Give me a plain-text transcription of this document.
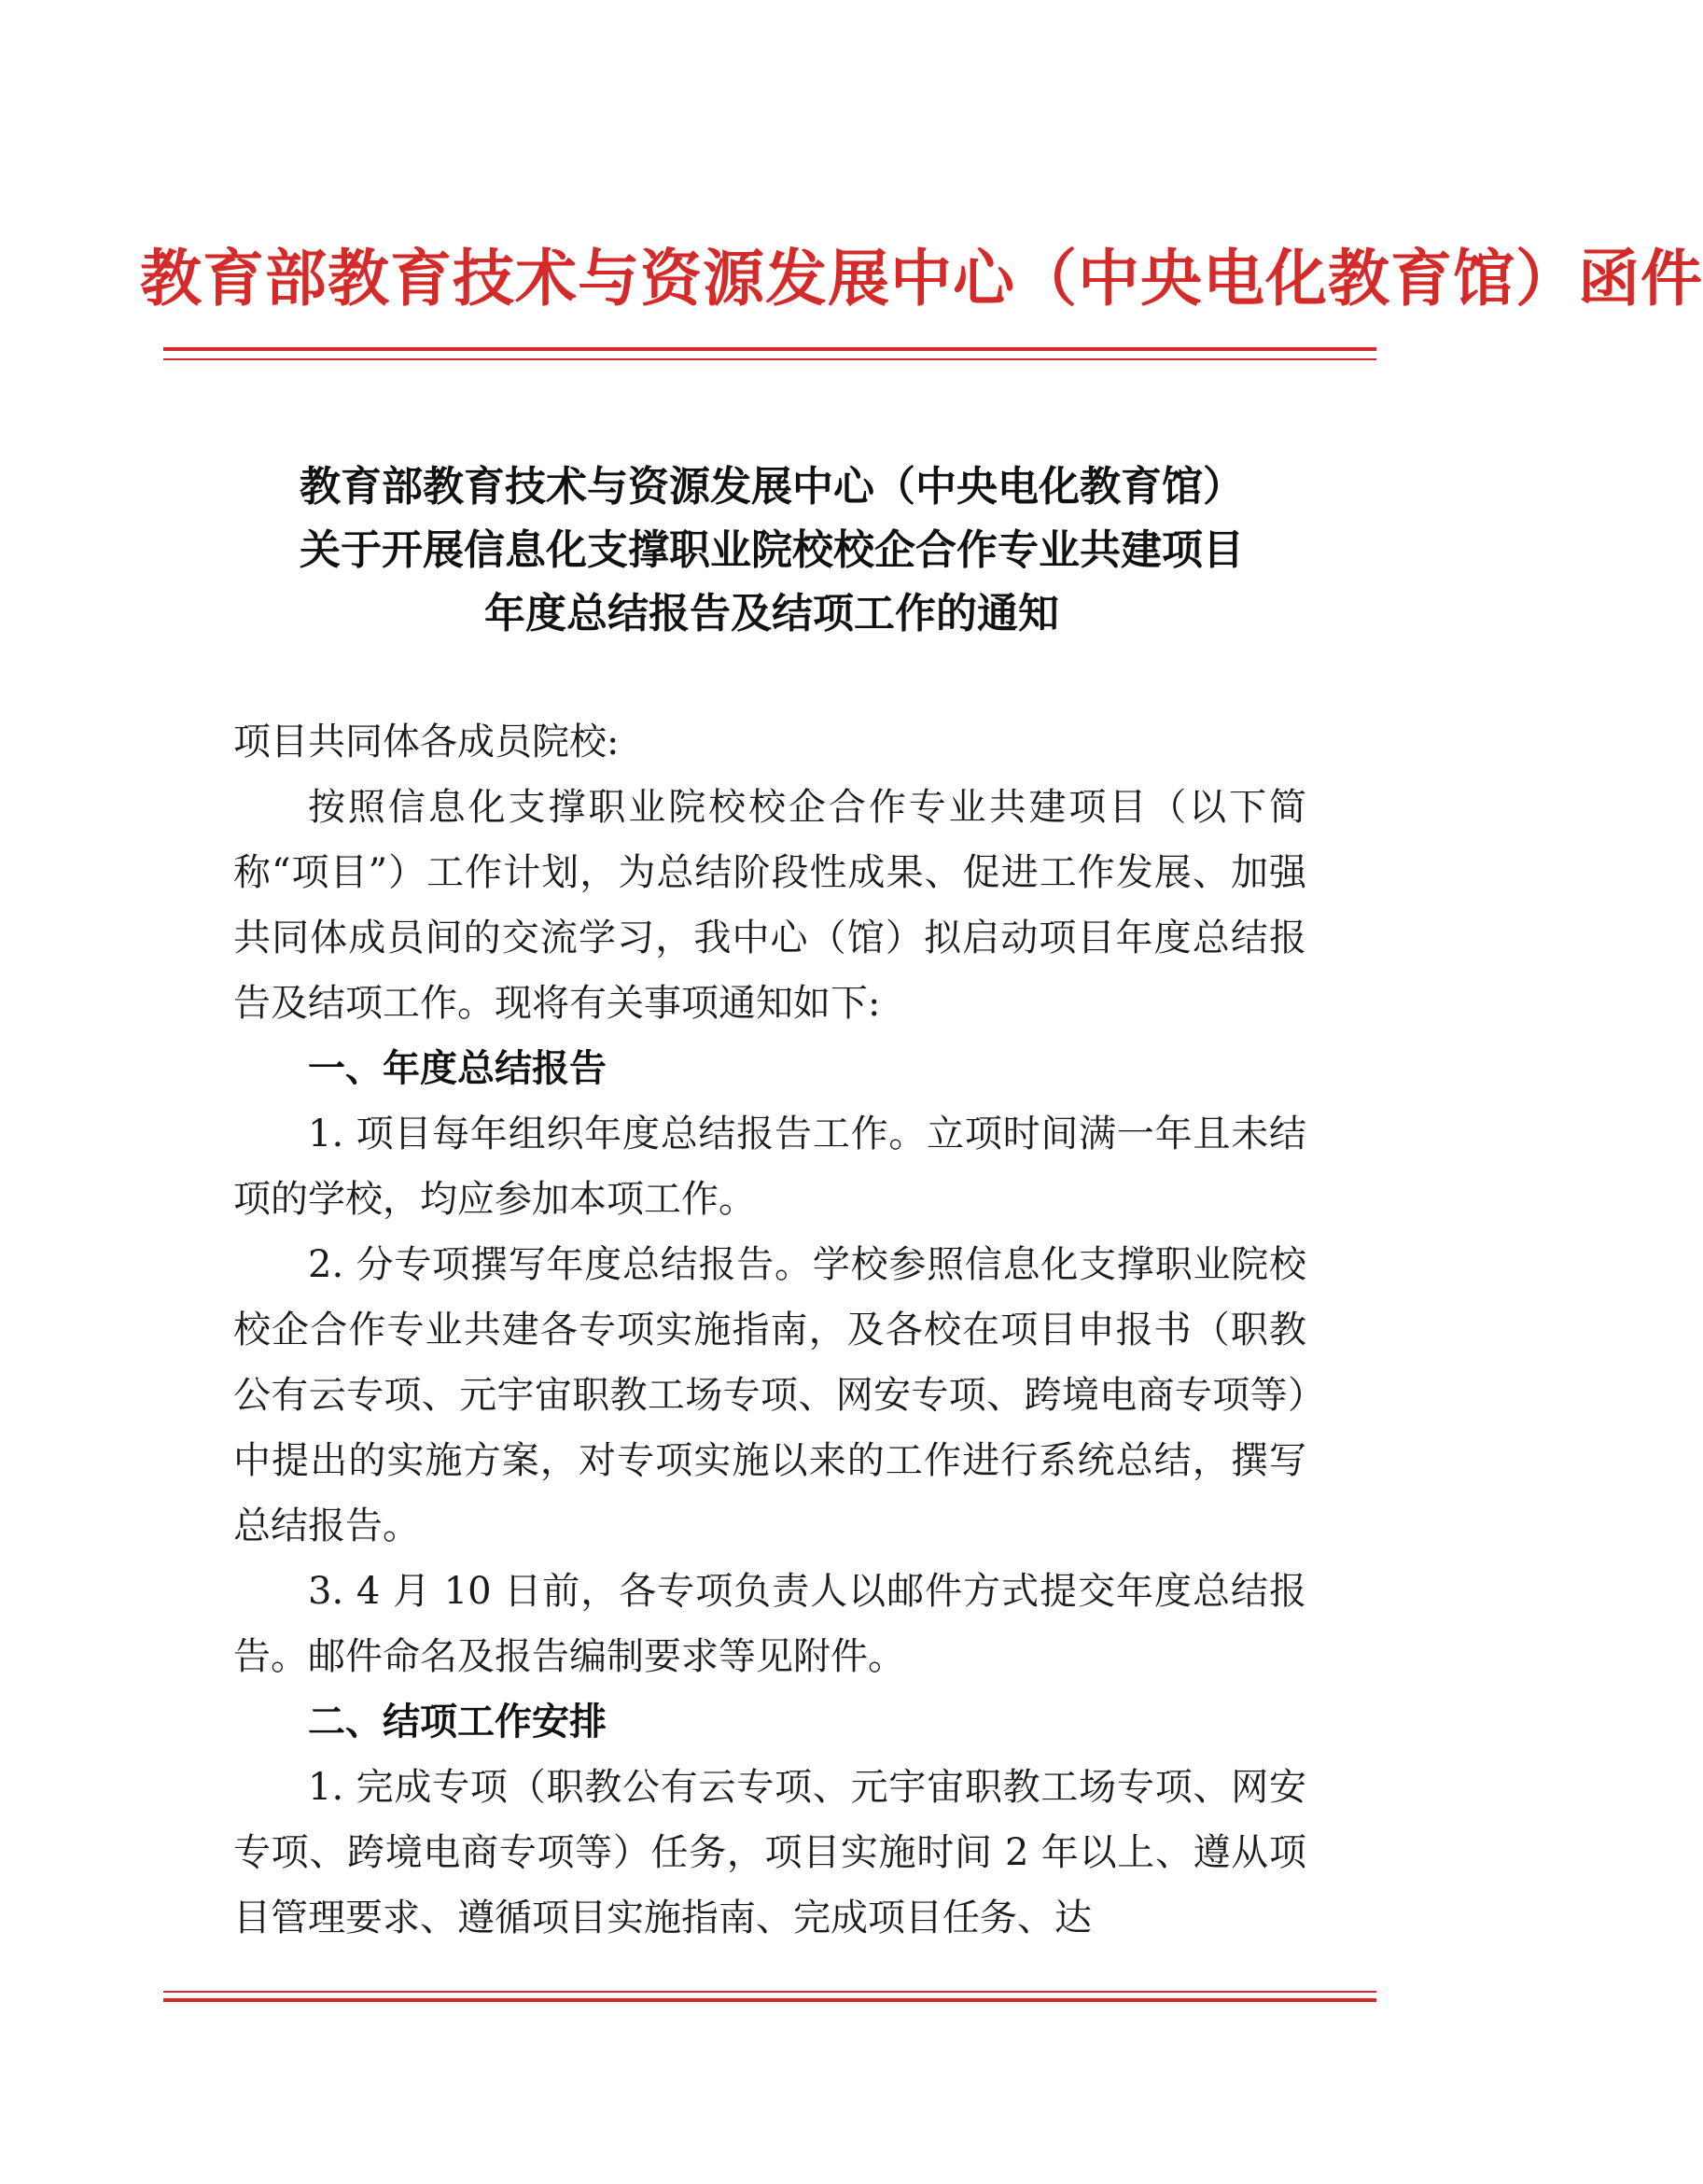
教育部教育技术与资源发展中心（中央电化教育馆）函件
教育部教育技术与资源发展中心（中央电化教育馆）
关于开展信息化支撑职业院校校企合作专业共建项目
年度总结报告及结项工作的通知

项目共同体各成员院校:

按照信息化支撑职业院校校企合作专业共建项目（以下简称“项目”）工作计划，为总结阶段性成果、促进工作发展、加强共同体成员间的交流学习，我中心（馆）拟启动项目年度总结报告及结项工作。现将有关事项通知如下:

一、年度总结报告

1. 项目每年组织年度总结报告工作。立项时间满一年且未结项的学校，均应参加本项工作。

2. 分专项撰写年度总结报告。学校参照信息化支撑职业院校校企合作专业共建各专项实施指南，及各校在项目申报书（职教公有云专项、元宇宙职教工场专项、网安专项、跨境电商专项等）中提出的实施方案，对专项实施以来的工作进行系统总结，撰写总结报告。

3. 4 月 10 日前，各专项负责人以邮件方式提交年度总结报告。邮件命名及报告编制要求等见附件。

二、结项工作安排

1. 完成专项（职教公有云专项、元宇宙职教工场专项、网安专项、跨境电商专项等）任务，项目实施时间 2 年以上、遵从项目管理要求、遵循项目实施指南、完成项目任务、达
